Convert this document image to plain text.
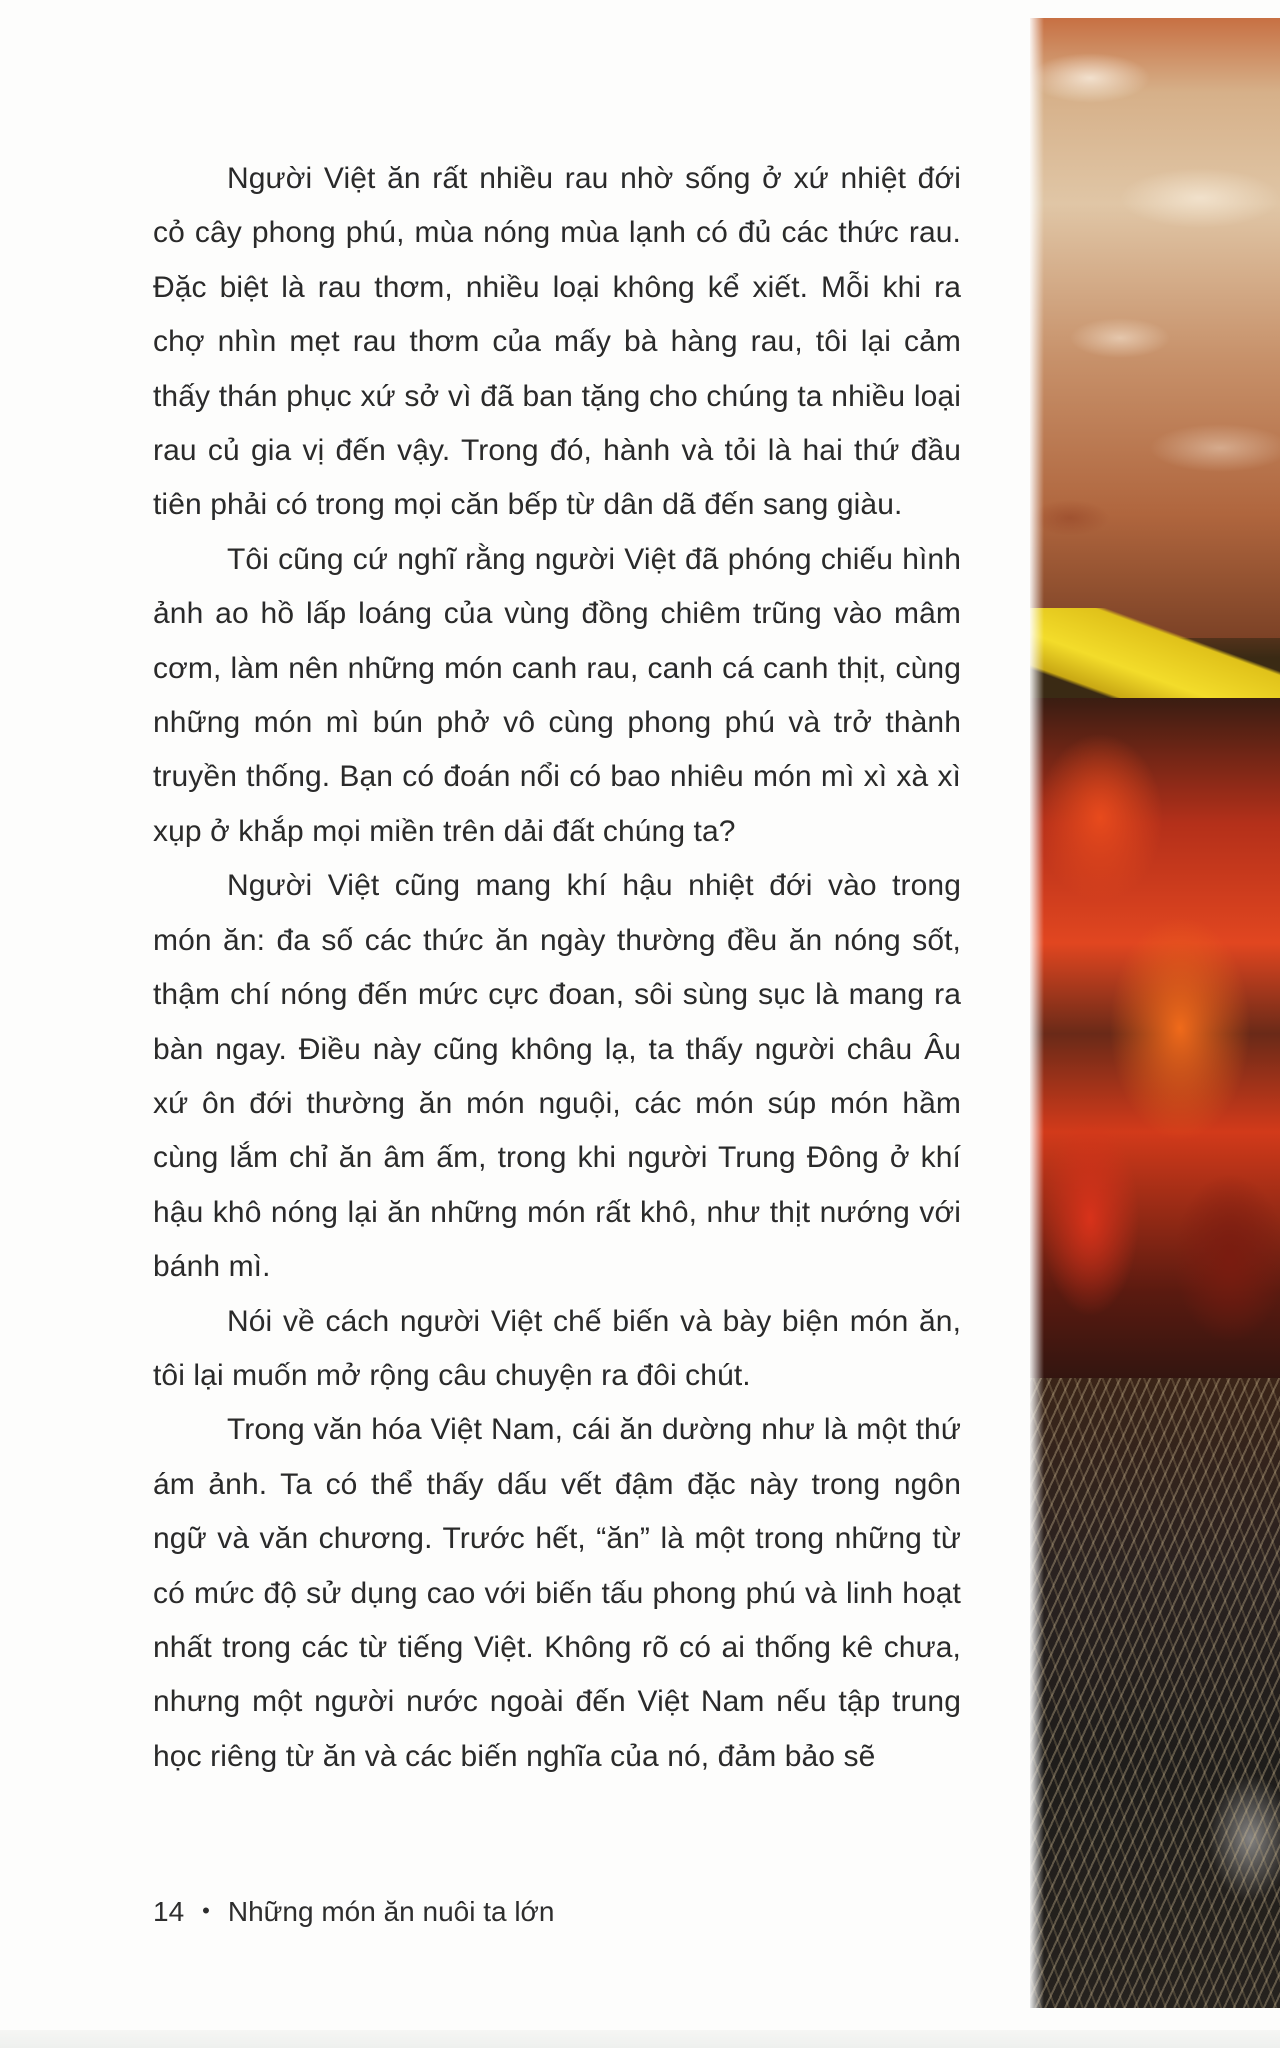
Người Việt ăn rất nhiều rau nhờ sống ở xứ nhiệt đới cỏ cây phong phú, mùa nóng mùa lạnh có đủ các thức rau. Đặc biệt là rau thơm, nhiều loại không kể xiết. Mỗi khi ra chợ nhìn mẹt rau thơm của mấy bà hàng rau, tôi lại cảm thấy thán phục xứ sở vì đã ban tặng cho chúng ta nhiều loại rau củ gia vị đến vậy. Trong đó, hành và tỏi là hai thứ đầu tiên phải có trong mọi căn bếp từ dân dã đến sang giàu.

Tôi cũng cứ nghĩ rằng người Việt đã phóng chiếu hình ảnh ao hồ lấp loáng của vùng đồng chiêm trũng vào mâm cơm, làm nên những món canh rau, canh cá canh thịt, cùng những món mì bún phở vô cùng phong phú và trở thành truyền thống. Bạn có đoán nổi có bao nhiêu món mì xì xà xì xụp ở khắp mọi miền trên dải đất chúng ta?

Người Việt cũng mang khí hậu nhiệt đới vào trong món ăn: đa số các thức ăn ngày thường đều ăn nóng sốt, thậm chí nóng đến mức cực đoan, sôi sùng sục là mang ra bàn ngay. Điều này cũng không lạ, ta thấy người châu Âu xứ ôn đới thường ăn món nguội, các món súp món hầm cùng lắm chỉ ăn âm ấm, trong khi người Trung Đông ở khí hậu khô nóng lại ăn những món rất khô, như thịt nướng với bánh mì.

Nói về cách người Việt chế biến và bày biện món ăn, tôi lại muốn mở rộng câu chuyện ra đôi chút.

Trong văn hóa Việt Nam, cái ăn dường như là một thứ ám ảnh. Ta có thể thấy dấu vết đậm đặc này trong ngôn ngữ và văn chương. Trước hết, “ăn” là một trong những từ có mức độ sử dụng cao với biến tấu phong phú và linh hoạt nhất trong các từ tiếng Việt. Không rõ có ai thống kê chưa, nhưng một người nước ngoài đến Việt Nam nếu tập trung học riêng từ ăn và các biến nghĩa của nó, đảm bảo sẽ

14 • Những món ăn nuôi ta lớn
